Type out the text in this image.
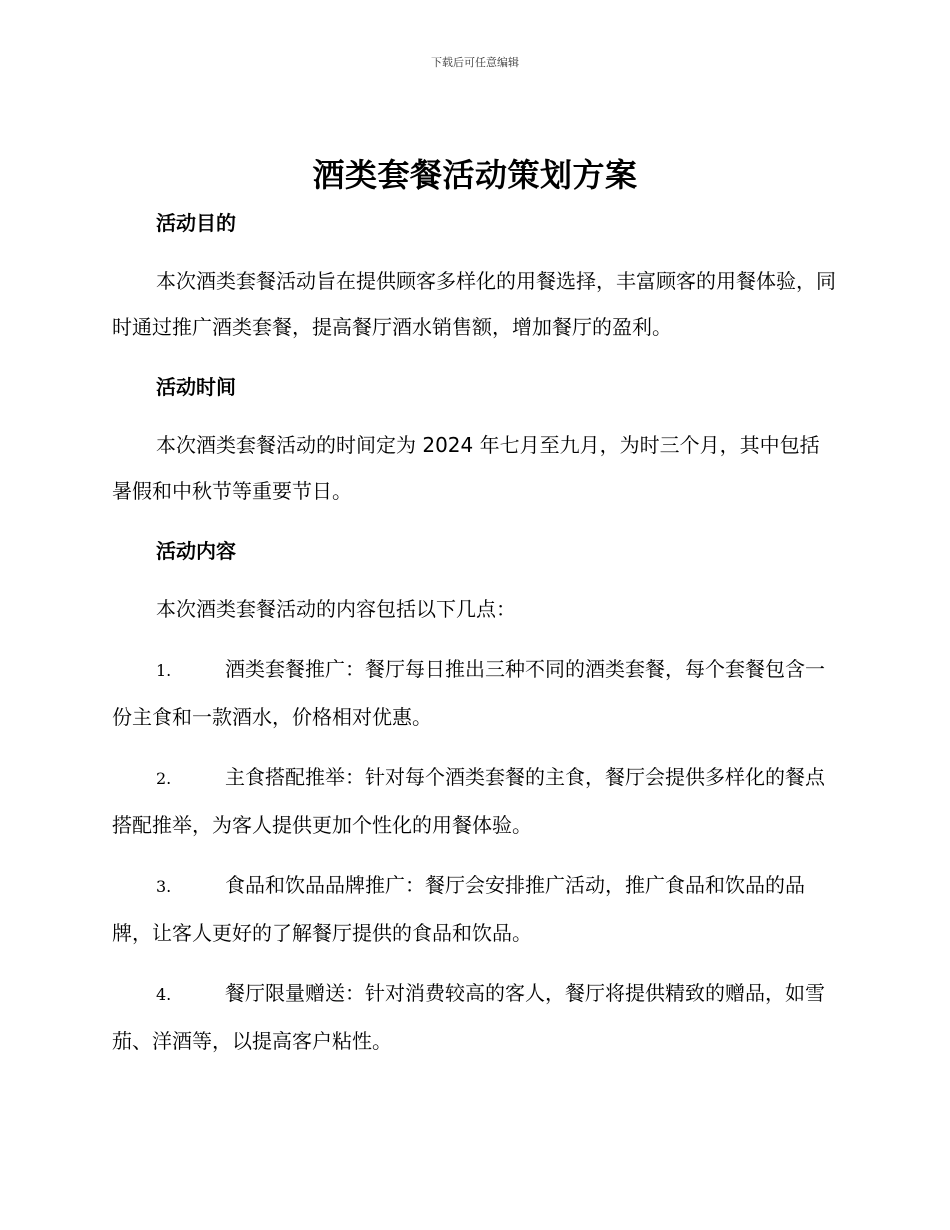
下载后可任意编辑
酒类套餐活动策划方案
活动目的

本次酒类套餐活动旨在提供顾客多样化的用餐选择，丰富顾客的用餐体验，同时通过推广酒类套餐，提高餐厅酒水销售额，增加餐厅的盈利。

活动时间

本次酒类套餐活动的时间定为 2024 年七月至九月，为时三个月，其中包括暑假和中秋节等重要节日。

活动内容

本次酒类套餐活动的内容包括以下几点：

1.	酒类套餐推广：餐厅每日推出三种不同的酒类套餐，每个套餐包含一份主食和一款酒水，价格相对优惠。

2.	主食搭配推举：针对每个酒类套餐的主食，餐厅会提供多样化的餐点搭配推举，为客人提供更加个性化的用餐体验。

3.	食品和饮品品牌推广：餐厅会安排推广活动，推广食品和饮品的品牌，让客人更好的了解餐厅提供的食品和饮品。

4.	餐厅限量赠送：针对消费较高的客人，餐厅将提供精致的赠品，如雪茄、洋酒等，以提高客户粘性。
